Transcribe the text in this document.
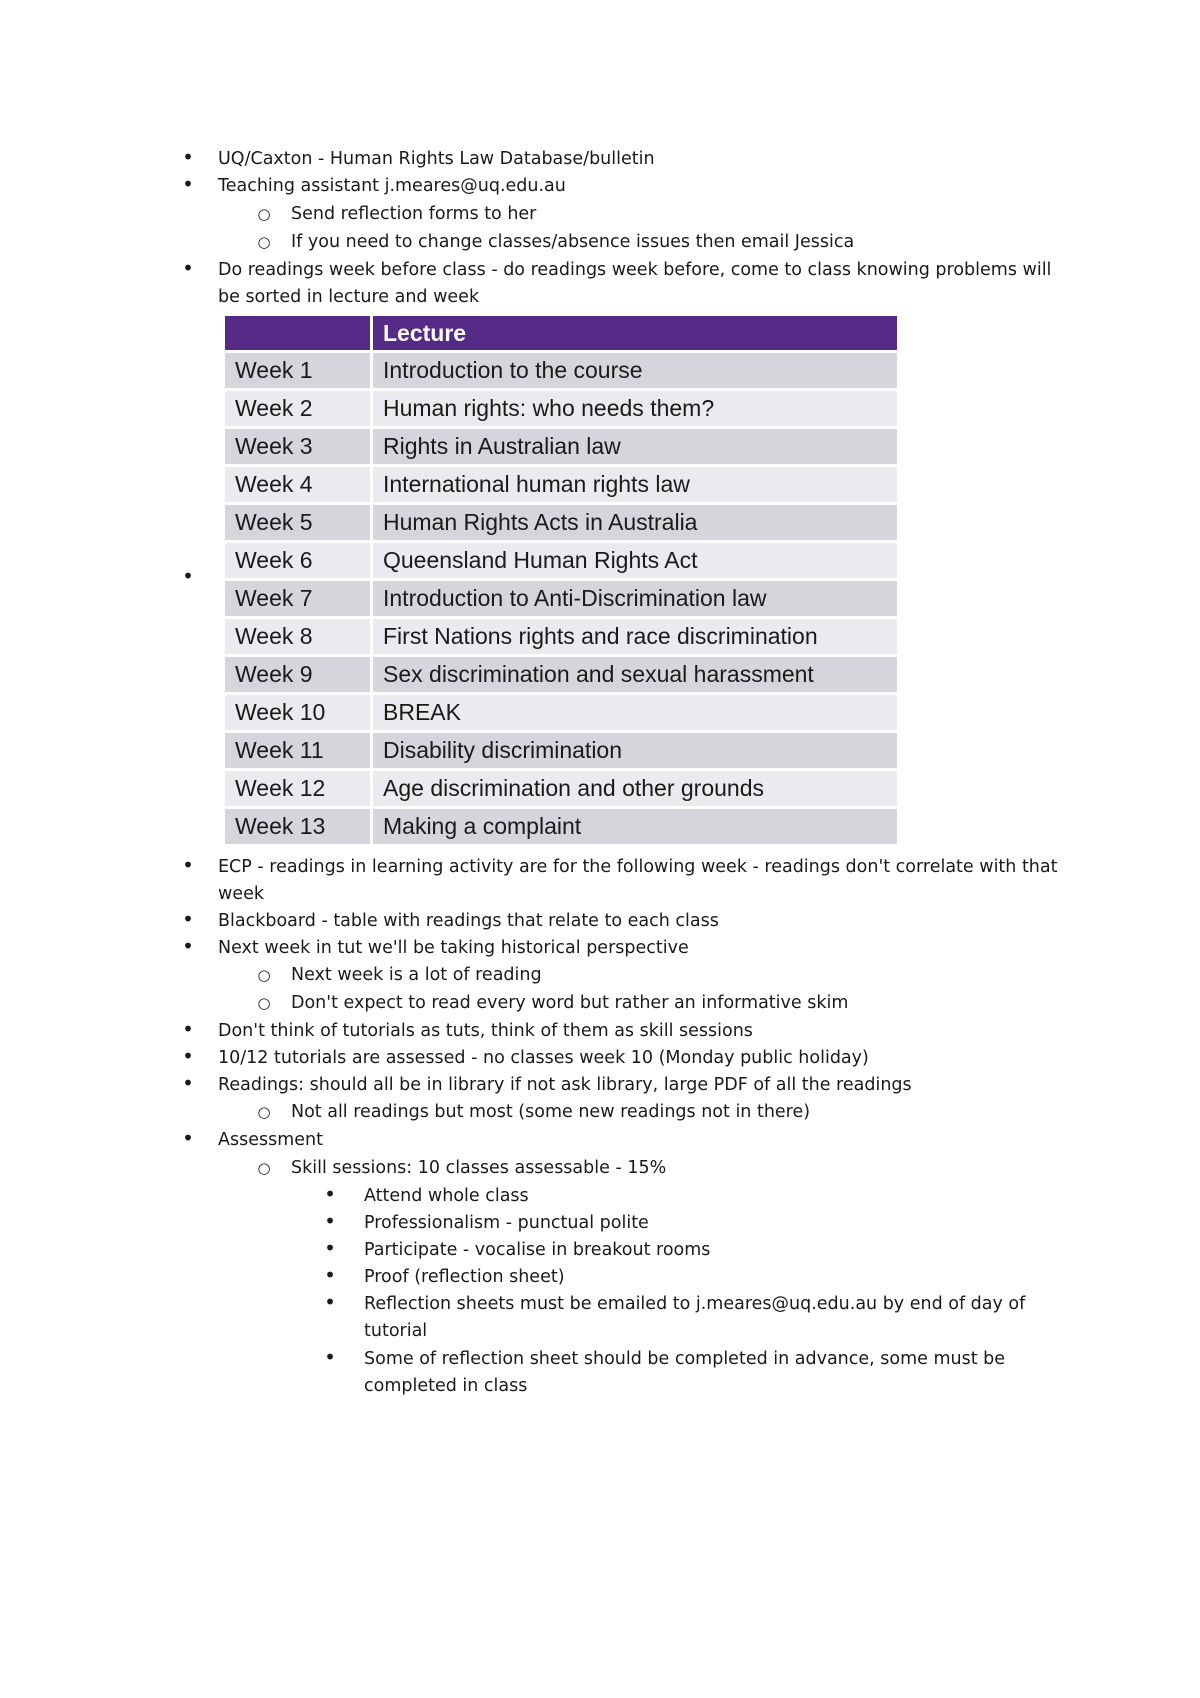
• UQ/Caxton - Human Rights Law Database/bulletin
• Teaching assistant j.meares@uq.edu.au
○ Send reflection forms to her
○ If you need to change classes/absence issues then email Jessica
• Do readings week before class - do readings week before, come to class knowing problems will be sorted in lecture and week
•
	Lecture
Week 1	Introduction to the course
Week 2	Human rights: who needs them?
Week 3	Rights in Australian law
Week 4	International human rights law
Week 5	Human Rights Acts in Australia
Week 6	Queensland Human Rights Act
Week 7	Introduction to Anti-Discrimination law
Week 8	First Nations rights and race discrimination
Week 9	Sex discrimination and sexual harassment
Week 10	BREAK
Week 11	Disability discrimination
Week 12	Age discrimination and other grounds
Week 13	Making a complaint
• ECP - readings in learning activity are for the following week - readings don't correlate with that week
• Blackboard - table with readings that relate to each class
• Next week in tut we'll be taking historical perspective
○ Next week is a lot of reading
○ Don't expect to read every word but rather an informative skim
• Don't think of tutorials as tuts, think of them as skill sessions
• 10/12 tutorials are assessed - no classes week 10 (Monday public holiday)
• Readings: should all be in library if not ask library, large PDF of all the readings
○ Not all readings but most (some new readings not in there)
• Assessment
○ Skill sessions: 10 classes assessable - 15%
• Attend whole class
• Professionalism - punctual polite
• Participate - vocalise in breakout rooms
• Proof (reflection sheet)
• Reflection sheets must be emailed to j.meares@uq.edu.au by end of day of tutorial
• Some of reflection sheet should be completed in advance, some must be completed in class
